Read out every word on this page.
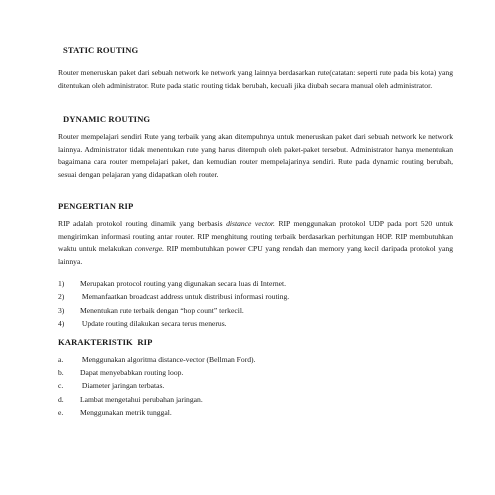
STATIC ROUTING

Router meneruskan paket dari sebuah network ke network yang lainnya berdasarkan rute(catatan: seperti rute pada bis kota) yang ditentukan oleh administrator. Rute pada static routing tidak berubah, kecuali jika diubah secara manual oleh administrator.

DYNAMIC ROUTING

Router mempelajari sendiri Rute yang terbaik yang akan ditempuhnya untuk meneruskan paket dari sebuah network ke network lainnya. Administrator tidak menentukan rute yang harus ditempuh oleh paket-paket tersebut. Administrator hanya menentukan bagaimana cara router mempelajari paket, dan kemudian router mempelajarinya sendiri. Rute pada dynamic routing berubah, sesuai dengan pelajaran yang didapatkan oleh router.

PENGERTIAN RIP

RIP adalah protokol routing dinamik yang berbasis distance vector. RIP menggunakan protokol UDP pada port 520 untuk mengirimkan informasi routing antar router. RIP menghitung routing terbaik berdasarkan perhitungan HOP. RIP membutuhkan waktu untuk melakukan converge. RIP membutuhkan power CPU yang rendah dan memory yang kecil daripada protokol yang lainnya.

1)	Merupakan protocol routing yang digunakan secara luas di Internet.
2)	Memanfaatkan broadcast address untuk distribusi informasi routing.
3)	Menentukan rute terbaik dengan “hop count” terkecil.
4)	Update routing dilakukan secara terus menerus.

KARAKTERISTIK  RIP

a.	Menggunakan algoritma distance-vector (Bellman Ford).
b.	Dapat menyebabkan routing loop.
c.	Diameter jaringan terbatas.
d.	Lambat mengetahui perubahan jaringan.
e.	Menggunakan metrik tunggal.
